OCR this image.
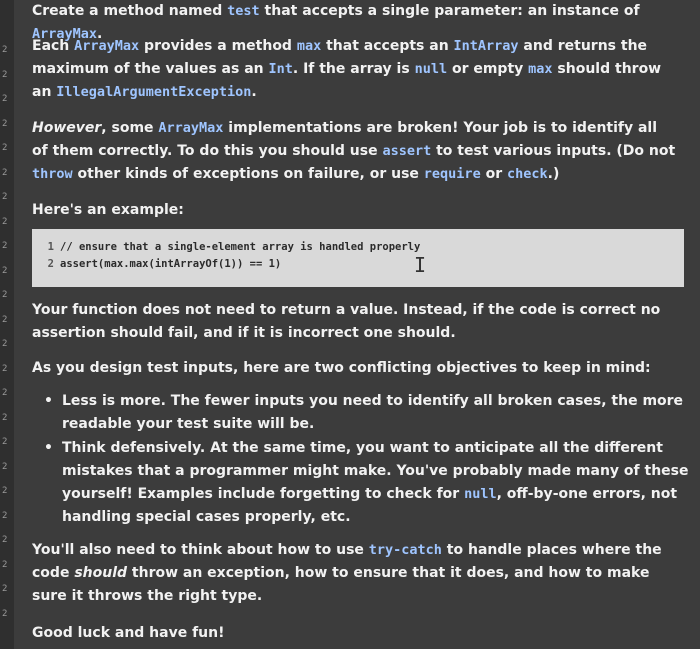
2
2
2
2
2
2
2
2
2
2
2
2
2
2
2
2
2
2
2
2
2
2
2
2

Create a method named test that accepts a single parameter: an instance of ArrayMax.

Each ArrayMax provides a method max that accepts an IntArray and returns the maximum of the values as an Int. If the array is null or empty max should throw an IllegalArgumentException.

However, some ArrayMax implementations are broken! Your job is to identify all of them correctly. To do this you should use assert to test various inputs. (Do not throw other kinds of exceptions on failure, or use require or check.)

Here's an example:

1 // ensure that a single-element array is handled properly
2 assert(max.max(intArrayOf(1)) == 1)	I

Your function does not need to return a value. Instead, if the code is correct no assertion should fail, and if it is incorrect one should.

As you design test inputs, here are two conflicting objectives to keep in mind:

• Less is more. The fewer inputs you need to identify all broken cases, the more readable your test suite will be.
• Think defensively. At the same time, you want to anticipate all the different mistakes that a programmer might make. You've probably made many of these yourself! Examples include forgetting to check for null, off-by-one errors, not handling special cases properly, etc.

You'll also need to think about how to use try-catch to handle places where the code should throw an exception, how to ensure that it does, and how to make sure it throws the right type.

Good luck and have fun!
